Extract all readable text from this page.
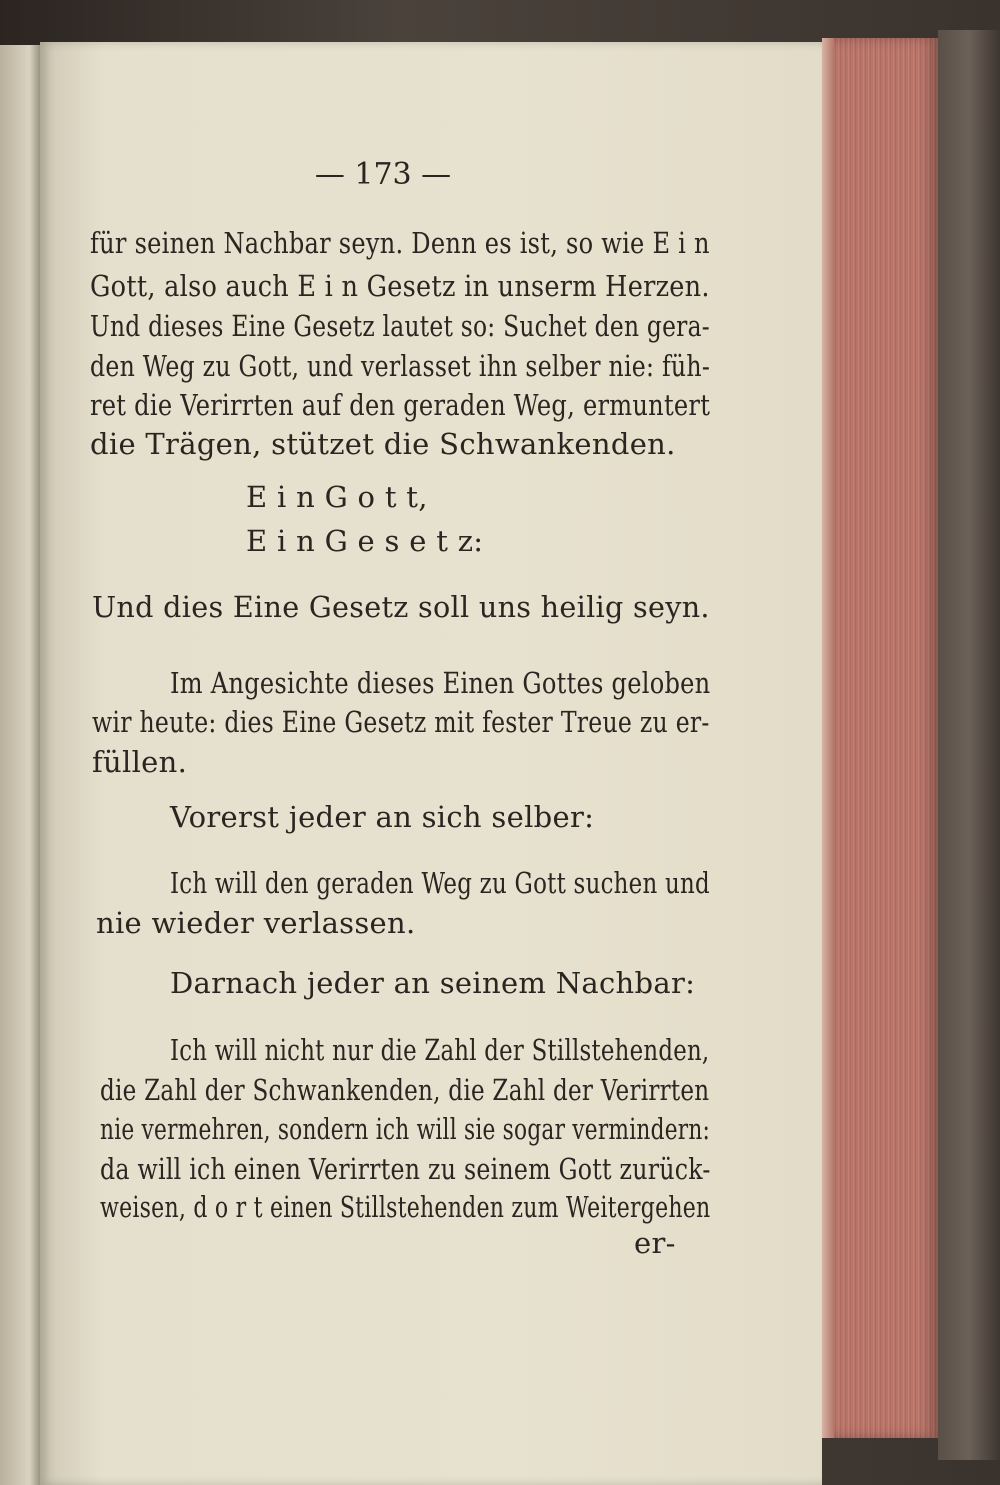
— 173 —
für seinen Nachbar seyn. Denn es ist, so wie E i n
Gott, also auch E i n Gesetz in unserm Herzen.
Und dieses Eine Gesetz lautet so: Suchet den gera-
den Weg zu Gott, und verlasset ihn selber nie: füh-
ret die Verirrten auf den geraden Weg, ermuntert
die Trägen, stützet die Schwankenden.
E i n G o t t,
E i n G e s e t z:
Und dies Eine Gesetz soll uns heilig seyn.
Im Angesichte dieses Einen Gottes geloben
wir heute: dies Eine Gesetz mit fester Treue zu er-
füllen.
Vorerst jeder an sich selber:
Ich will den geraden Weg zu Gott suchen und
nie wieder verlassen.
Darnach jeder an seinem Nachbar:
Ich will nicht nur die Zahl der Stillstehenden,
die Zahl der Schwankenden, die Zahl der Verirrten
nie vermehren, sondern ich will sie sogar vermindern:
da will ich einen Verirrten zu seinem Gott zurück-
weisen, d o r t einen Stillstehenden zum Weitergehen
er-
